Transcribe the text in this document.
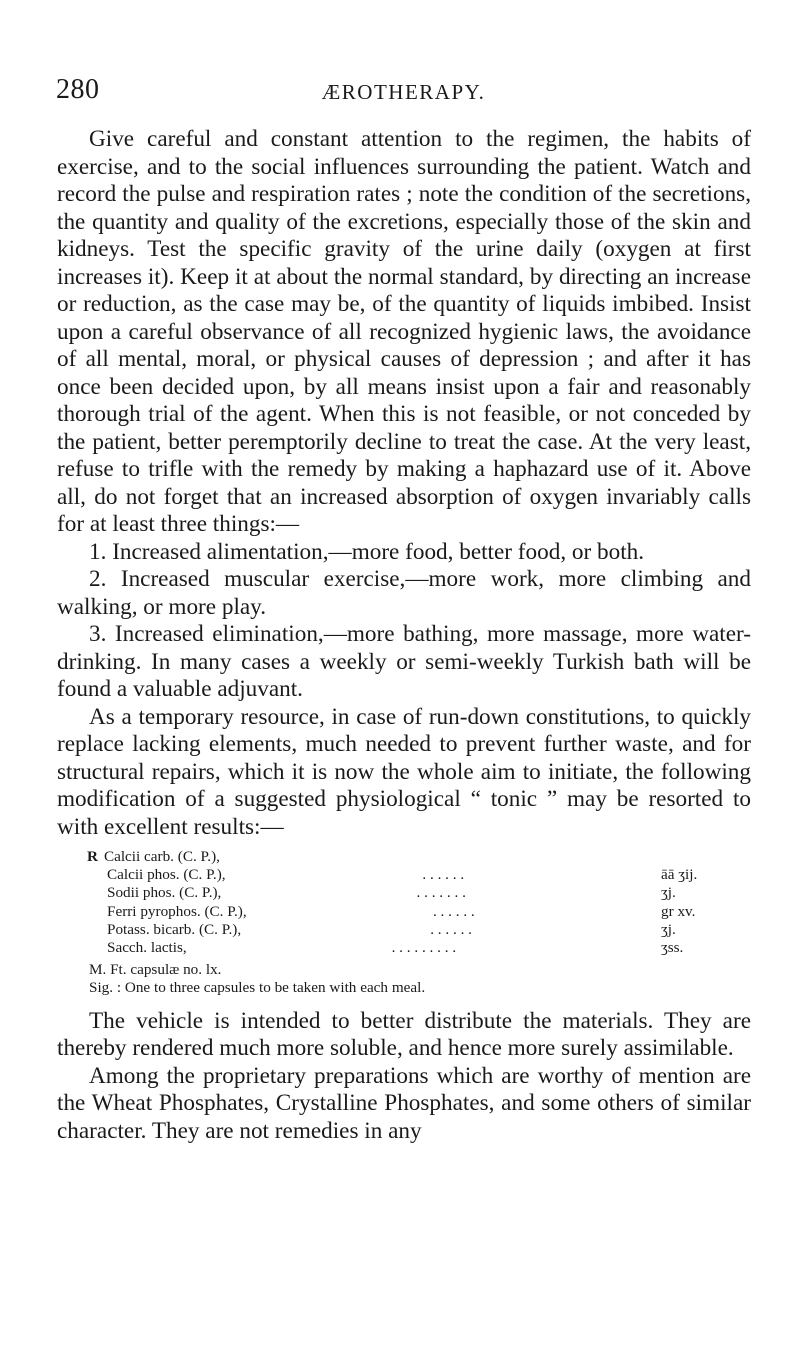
280	ÆROTHERAPY.

Give careful and constant attention to the regimen, the habits of exercise, and to the social influences surrounding the patient. Watch and record the pulse and respiration rates ; note the condition of the secretions, the quantity and quality of the excretions, especially those of the skin and kidneys. Test the specific gravity of the urine daily (oxygen at first increases it). Keep it at about the normal standard, by directing an increase or reduction, as the case may be, of the quantity of liquids imbibed. Insist upon a careful observance of all recognized hygienic laws, the avoidance of all mental, moral, or physical causes of depression ; and after it has once been decided upon, by all means insist upon a fair and reasonably thorough trial of the agent. When this is not feasible, or not conceded by the patient, better peremptorily decline to treat the case. At the very least, refuse to trifle with the remedy by making a haphazard use of it. Above all, do not forget that an increased absorption of oxygen invariably calls for at least three things:—

1. Increased alimentation,—more food, better food, or both.

2. Increased muscular exercise,—more work, more climbing and walking, or more play.

3. Increased elimination,—more bathing, more massage, more water-drinking. In many cases a weekly or semi-weekly Turkish bath will be found a valuable adjuvant.

As a temporary resource, in case of run-down constitutions, to quickly replace lacking elements, much needed to prevent further waste, and for structural repairs, which it is now the whole aim to initiate, the following modification of a suggested physiological “ tonic ” may be resorted to with excellent results:—

R Calcii carb. (C. P.),
Calcii phos. (C. P.),	. . . . . .	āā ʒij.
Sodii phos. (C. P.),	. . . . . . .	ʒj.
Ferri pyrophos. (C. P.),	. . . . . .	gr xv.
Potass. bicarb. (C. P.),	. . . . . .	ʒj.
Sacch. lactis,	. . . . . . . . .	ʒss.
M. Ft. capsulæ no. lx.
Sig. : One to three capsules to be taken with each meal.

The vehicle is intended to better distribute the materials. They are thereby rendered much more soluble, and hence more surely assimilable.

Among the proprietary preparations which are worthy of mention are the Wheat Phosphates, Crystalline Phosphates, and some others of similar character. They are not remedies in any
